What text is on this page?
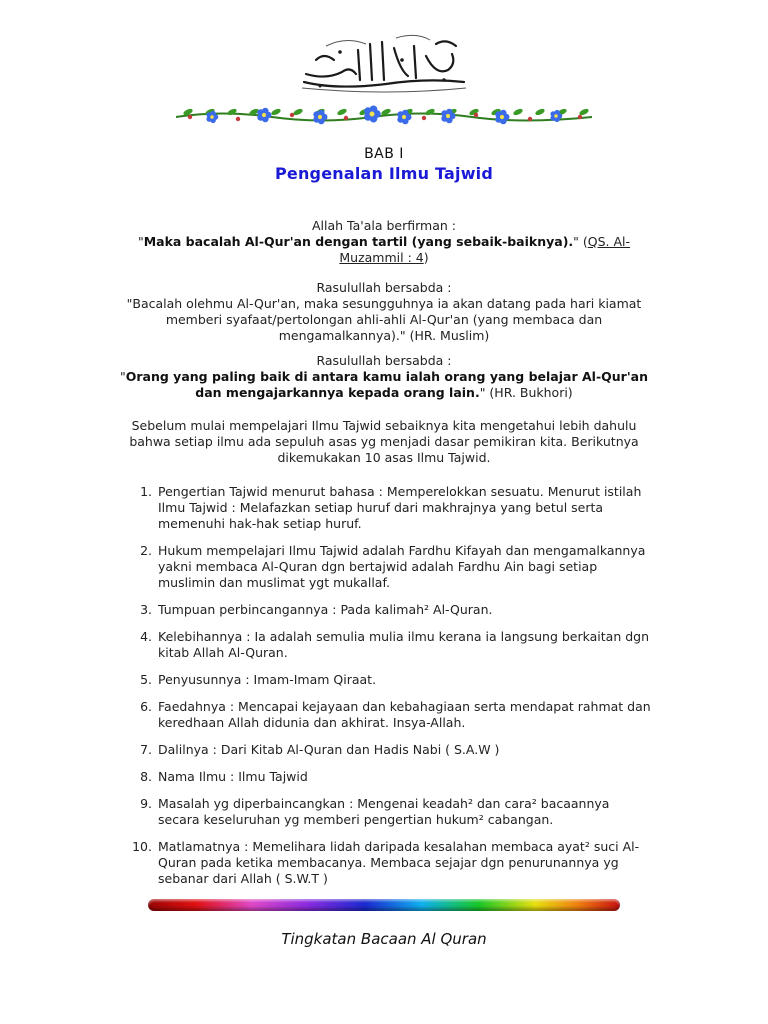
BAB I
Pengenalan Ilmu Tajwid
Allah Ta'ala berfirman :
"Maka bacalah Al-Qur'an dengan tartil (yang sebaik-baiknya)." (QS. Al-Muzammil : 4)
Rasulullah bersabda :
"Bacalah olehmu Al-Qur'an, maka sesungguhnya ia akan datang pada hari kiamat memberi syafaat/pertolongan ahli-ahli Al-Qur'an (yang membaca dan mengamalkannya)." (HR. Muslim)
Rasulullah bersabda :
"Orang yang paling baik di antara kamu ialah orang yang belajar Al-Qur'an dan mengajarkannya kepada orang lain." (HR. Bukhori)
Sebelum mulai mempelajari Ilmu Tajwid sebaiknya kita mengetahui lebih dahulu bahwa setiap ilmu ada sepuluh asas yg menjadi dasar pemikiran kita. Berikutnya dikemukakan 10 asas Ilmu Tajwid.
1. Pengertian Tajwid menurut bahasa : Memperelokkan sesuatu. Menurut istilah Ilmu Tajwid : Melafazkan setiap huruf dari makhrajnya yang betul serta memenuhi hak-hak setiap huruf.
2. Hukum mempelajari Ilmu Tajwid adalah Fardhu Kifayah dan mengamalkannya yakni membaca Al-Quran dgn bertajwid adalah Fardhu Ain bagi setiap muslimin dan muslimat ygt mukallaf.
3. Tumpuan perbincangannya : Pada kalimah² Al-Quran.
4. Kelebihannya : Ia adalah semulia mulia ilmu kerana ia langsung berkaitan dgn kitab Allah Al-Quran.
5. Penyusunnya : Imam-Imam Qiraat.
6. Faedahnya : Mencapai kejayaan dan kebahagiaan serta mendapat rahmat dan keredhaan Allah didunia dan akhirat. Insya-Allah.
7. Dalilnya : Dari Kitab Al-Quran dan Hadis Nabi ( S.A.W )
8. Nama Ilmu : Ilmu Tajwid
9. Masalah yg diperbaincangkan : Mengenai keadah² dan cara² bacaannya secara keseluruhan yg memberi pengertian hukum² cabangan.
10. Matlamatnya : Memelihara lidah daripada kesalahan membaca ayat² suci Al-Quran pada ketika membacanya. Membaca sejajar dgn penurunannya yg sebanar dari Allah ( S.W.T )
Tingkatan Bacaan Al Quran
